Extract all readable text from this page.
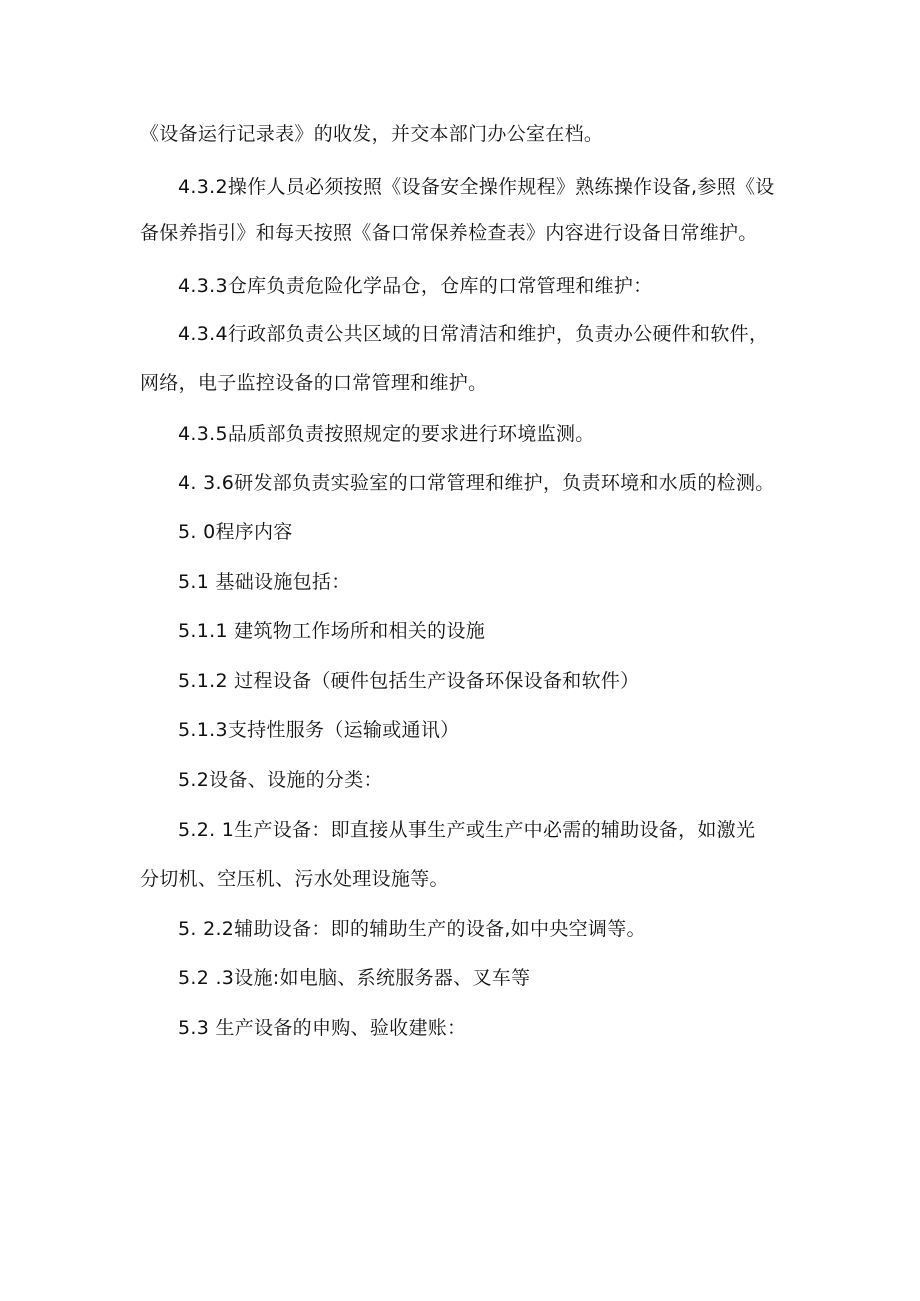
《设备运行记录表》的收发，并交本部门办公室在档。
4.3.2操作人员必须按照《设备安全操作规程》熟练操作设备,参照《设
备保养指引》和每天按照《备口常保养检查表》内容进行设备日常维护。
4.3.3仓库负责危险化学品仓，仓库的口常管理和维护：
4.3.4行政部负责公共区域的日常清洁和维护，负责办公硬件和软件，
网络，电子监控设备的口常管理和维护。
4.3.5品质部负责按照规定的要求进行环境监测。
4. 3.6研发部负责实验室的口常管理和维护，负责环境和水质的检测。
5. 0程序内容
5.1 基础设施包括：
5.1.1 建筑物工作场所和相关的设施
5.1.2 过程设备（硬件包括生产设备环保设备和软件）
5.1.3支持性服务（运输或通讯）
5.2设备、设施的分类：
5.2. 1生产设备：即直接从事生产或生产中必需的辅助设备，如激光
分切机、空压机、污水处理设施等。
5. 2.2辅助设备：即的辅助生产的设备,如中央空调等。
5.2 .3设施:如电脑、系统服务器、叉车等
5.3 生产设备的申购、验收建账：
